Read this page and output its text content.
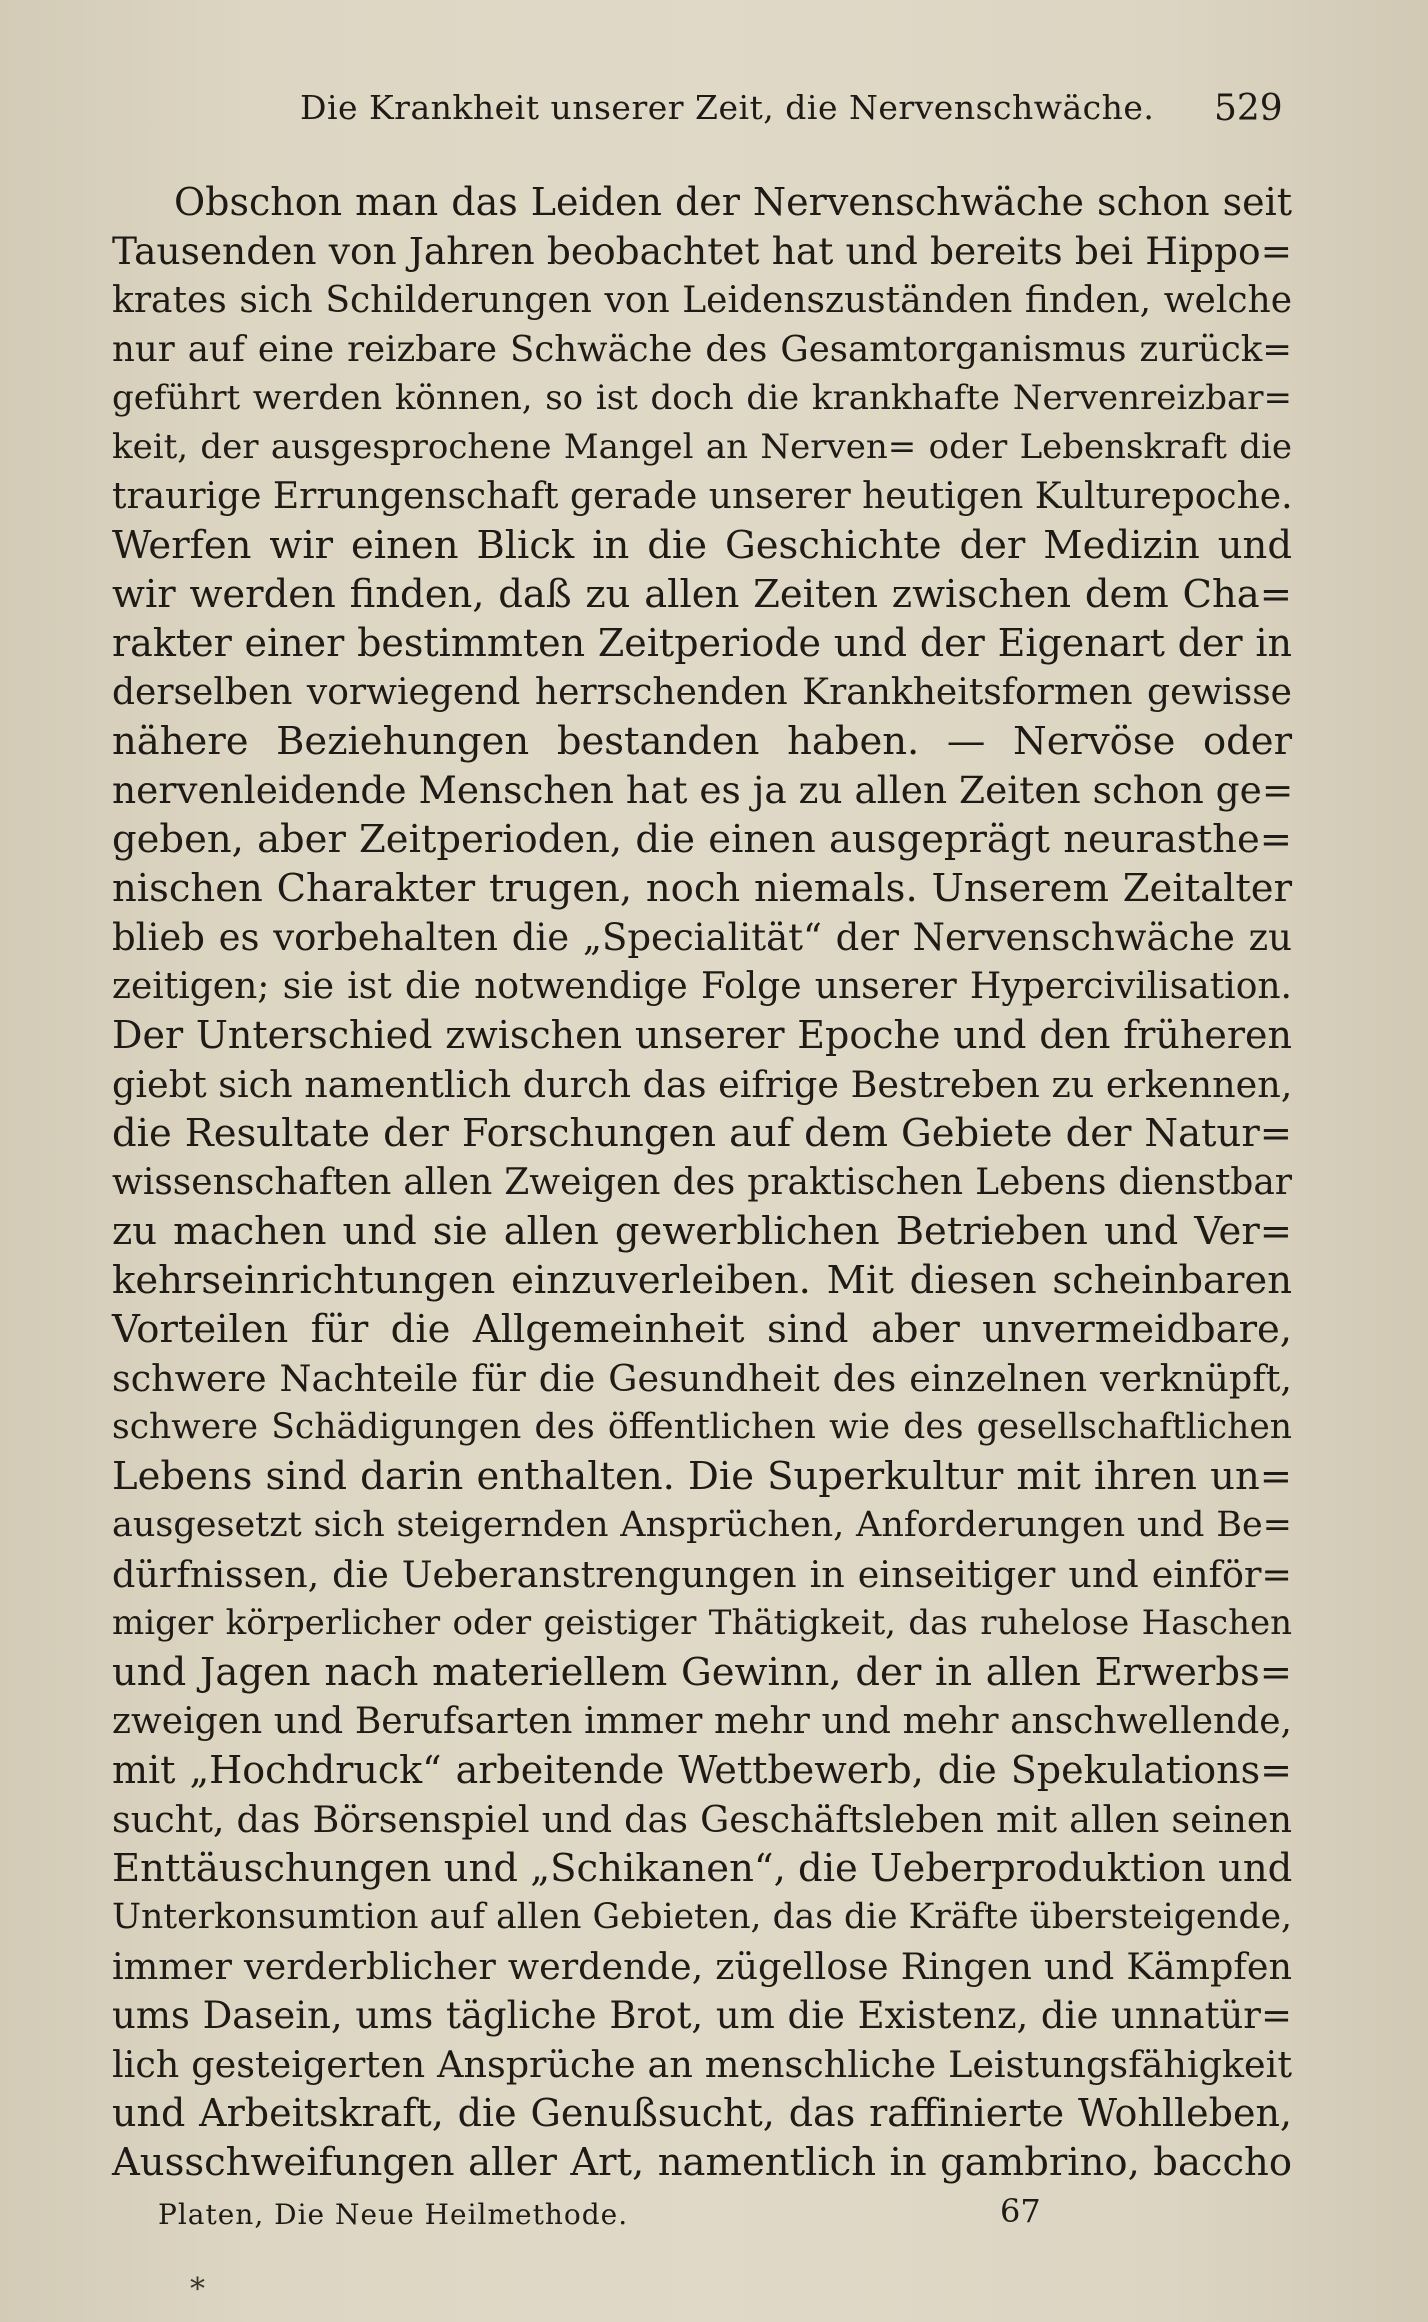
Die Krankheit unserer Zeit, die Nervenschwäche. 529
Obschon man das Leiden der Nervenschwäche schon seit
Tausenden von Jahren beobachtet hat und bereits bei Hippo=
krates sich Schilderungen von Leidenszuständen finden, welche
nur auf eine reizbare Schwäche des Gesamtorganismus zurück=
geführt werden können, so ist doch die krankhafte Nervenreizbar=
keit, der ausgesprochene Mangel an Nerven= oder Lebenskraft die
traurige Errungenschaft gerade unserer heutigen Kulturepoche.
Werfen wir einen Blick in die Geschichte der Medizin und
wir werden finden, daß zu allen Zeiten zwischen dem Cha=
rakter einer bestimmten Zeitperiode und der Eigenart der in
derselben vorwiegend herrschenden Krankheitsformen gewisse
nähere Beziehungen bestanden haben. — Nervöse oder
nervenleidende Menschen hat es ja zu allen Zeiten schon ge=
geben, aber Zeitperioden, die einen ausgeprägt neurasthe=
nischen Charakter trugen, noch niemals. Unserem Zeitalter
blieb es vorbehalten die „Specialität“ der Nervenschwäche zu
zeitigen; sie ist die notwendige Folge unserer Hypercivilisation.
Der Unterschied zwischen unserer Epoche und den früheren
giebt sich namentlich durch das eifrige Bestreben zu erkennen,
die Resultate der Forschungen auf dem Gebiete der Natur=
wissenschaften allen Zweigen des praktischen Lebens dienstbar
zu machen und sie allen gewerblichen Betrieben und Ver=
kehrseinrichtungen einzuverleiben. Mit diesen scheinbaren
Vorteilen für die Allgemeinheit sind aber unvermeidbare,
schwere Nachteile für die Gesundheit des einzelnen verknüpft,
schwere Schädigungen des öffentlichen wie des gesellschaftlichen
Lebens sind darin enthalten. Die Superkultur mit ihren un=
ausgesetzt sich steigernden Ansprüchen, Anforderungen und Be=
dürfnissen, die Ueberanstrengungen in einseitiger und einför=
miger körperlicher oder geistiger Thätigkeit, das ruhelose Haschen
und Jagen nach materiellem Gewinn, der in allen Erwerbs=
zweigen und Berufsarten immer mehr und mehr anschwellende,
mit „Hochdruck“ arbeitende Wettbewerb, die Spekulations=
sucht, das Börsenspiel und das Geschäftsleben mit allen seinen
Enttäuschungen und „Schikanen“, die Ueberproduktion und
Unterkonsumtion auf allen Gebieten, das die Kräfte übersteigende,
immer verderblicher werdende, zügellose Ringen und Kämpfen
ums Dasein, ums tägliche Brot, um die Existenz, die unnatür=
lich gesteigerten Ansprüche an menschliche Leistungsfähigkeit
und Arbeitskraft, die Genußsucht, das raffinierte Wohlleben,
Ausschweifungen aller Art, namentlich in gambrino, baccho
Platen, Die Neue Heilmethode.	67
*
